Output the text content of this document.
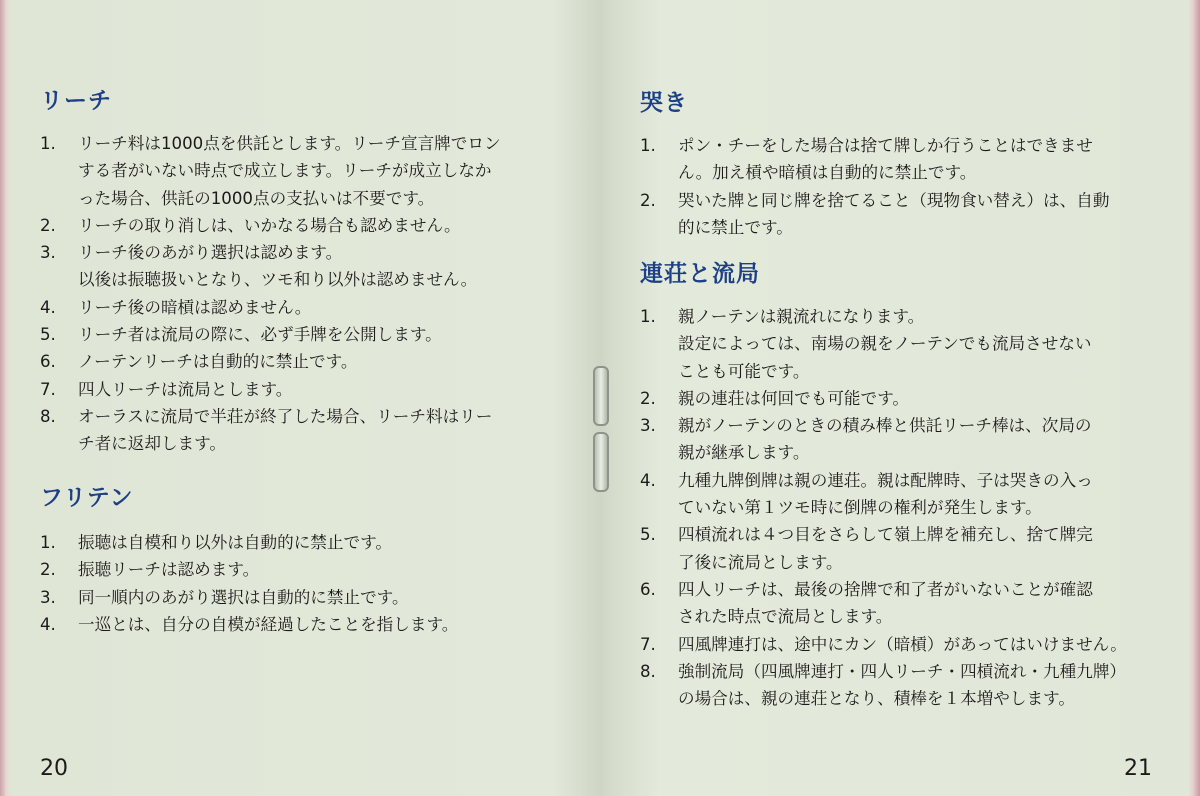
リーチ
1.	リーチ料は1000点を供託とします。リーチ宣言牌でロン
する者がいない時点で成立します。リーチが成立しなか
った場合、供託の1000点の支払いは不要です。
2.	リーチの取り消しは、いかなる場合も認めません。
3.	リーチ後のあがり選択は認めます。
以後は振聴扱いとなり、ツモ和り以外は認めません。
4.	リーチ後の暗槓は認めません。
5.	リーチ者は流局の際に、必ず手牌を公開します。
6.	ノーテンリーチは自動的に禁止です。
7.	四人リーチは流局とします。
8.	オーラスに流局で半荘が終了した場合、リーチ料はリー
チ者に返却します。
フリテン
1.	振聴は自模和り以外は自動的に禁止です。
2.	振聴リーチは認めます。
3.	同一順内のあがり選択は自動的に禁止です。
4.	一巡とは、自分の自模が経過したことを指します。
20
哭き
1.	ポン・チーをした場合は捨て牌しか行うことはできませ
ん。加え槓や暗槓は自動的に禁止です。
2.	哭いた牌と同じ牌を捨てること（現物食い替え）は、自動
的に禁止です。
連荘と流局
1.	親ノーテンは親流れになります。
設定によっては、南場の親をノーテンでも流局させない
ことも可能です。
2.	親の連荘は何回でも可能です。
3.	親がノーテンのときの積み棒と供託リーチ棒は、次局の
親が継承します。
4.	九種九牌倒牌は親の連荘。親は配牌時、子は哭きの入っ
ていない第１ツモ時に倒牌の権利が発生します。
5.	四槓流れは４つ目をさらして嶺上牌を補充し、捨て牌完
了後に流局とします。
6.	四人リーチは、最後の捨牌で和了者がいないことが確認
された時点で流局とします。
7.	四風牌連打は、途中にカン（暗槓）があってはいけません。
8.	強制流局（四風牌連打・四人リーチ・四槓流れ・九種九牌）
の場合は、親の連荘となり、積棒を１本増やします。
21
